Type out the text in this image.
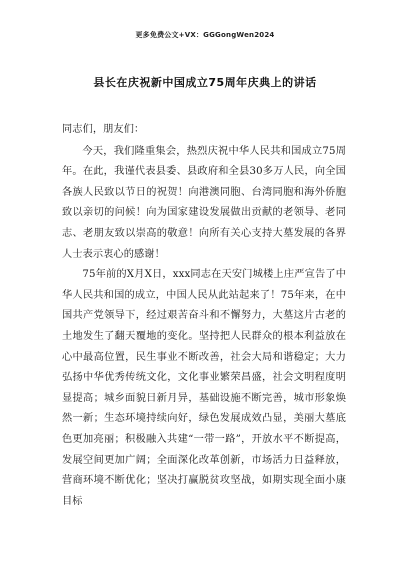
更多免费公文+VX：GGGongWen2024
县长在庆祝新中国成立75周年庆典上的讲话

同志们，朋友们：

今天，我们隆重集会，热烈庆祝中华人民共和国成立75周年。在此，我谨代表县委、县政府和全县30多万人民，向全国各族人民致以节日的祝贺！向港澳同胞、台湾同胞和海外侨胞致以亲切的问候！向为国家建设发展做出贡献的老领导、老同志、老朋友致以崇高的敬意！向所有关心支持大墓发展的各界人士表示衷心的感谢！

75年前的X月X日，xxx同志在天安门城楼上庄严宣告了中华人民共和国的成立，中国人民从此站起来了！75年来，在中国共产党领导下，经过艰苦奋斗和不懈努力，大墓这片古老的土地发生了翻天覆地的变化。坚持把人民群众的根本利益放在心中最高位置，民生事业不断改善，社会大局和谐稳定；大力弘扬中华优秀传统文化，文化事业繁荣昌盛，社会文明程度明显提高；城乡面貌日新月异，基础设施不断完善，城市形象焕然一新；生态环境持续向好，绿色发展成效凸显，美丽大墓底色更加亮丽；积极融入共建“一带一路”，开放水平不断提高，发展空间更加广阔；全面深化改革创新，市场活力日益释放，营商环境不断优化；坚决打赢脱贫攻坚战，如期实现全面小康目标
